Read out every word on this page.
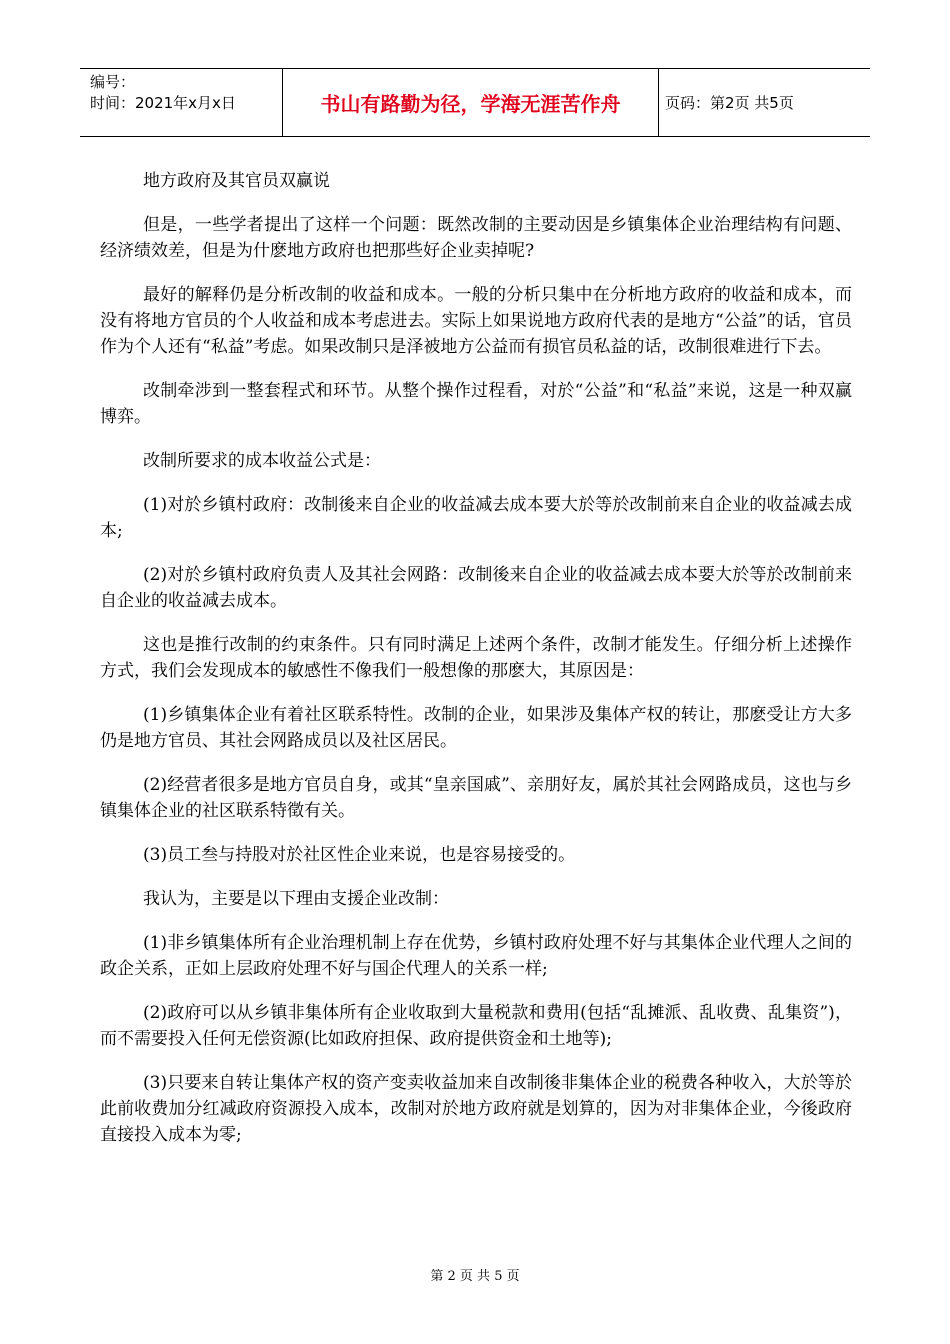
编号：
时间：2021年x月x日	书山有路勤为径，学海无涯苦作舟	页码：第2页 共5页

地方政府及其官员双赢说

但是，一些学者提出了这样一个问题：既然改制的主要动因是乡镇集体企业治理结构有问题、经济绩效差，但是为什麽地方政府也把那些好企业卖掉呢?

最好的解释仍是分析改制的收益和成本。一般的分析只集中在分析地方政府的收益和成本，而没有将地方官员的个人收益和成本考虑进去。实际上如果说地方政府代表的是地方“公益”的话，官员作为个人还有“私益”考虑。如果改制只是泽被地方公益而有损官员私益的话，改制很难进行下去。

改制牵涉到一整套程式和环节。从整个操作过程看，对於“公益”和“私益”来说，这是一种双赢博弈。

改制所要求的成本收益公式是：

(1)对於乡镇村政府：改制後来自企业的收益减去成本要大於等於改制前来自企业的收益减去成本;

(2)对於乡镇村政府负责人及其社会网路：改制後来自企业的收益减去成本要大於等於改制前来自企业的收益减去成本。

这也是推行改制的约束条件。只有同时满足上述两个条件，改制才能发生。仔细分析上述操作方式，我们会发现成本的敏感性不像我们一般想像的那麽大，其原因是：

(1)乡镇集体企业有着社区联系特性。改制的企业，如果涉及集体产权的转让，那麽受让方大多仍是地方官员、其社会网路成员以及社区居民。

(2)经营者很多是地方官员自身，或其“皇亲国戚”、亲朋好友，属於其社会网路成员，这也与乡镇集体企业的社区联系特徵有关。

(3)员工叁与持股对於社区性企业来说，也是容易接受的。

我认为，主要是以下理由支援企业改制：

(1)非乡镇集体所有企业治理机制上存在优势，乡镇村政府处理不好与其集体企业代理人之间的政企关系，正如上层政府处理不好与国企代理人的关系一样;

(2)政府可以从乡镇非集体所有企业收取到大量税款和费用(包括“乱摊派、乱收费、乱集资”)，而不需要投入任何无偿资源(比如政府担保、政府提供资金和土地等);

(3)只要来自转让集体产权的资产变卖收益加来自改制後非集体企业的税费各种收入，大於等於此前收费加分红减政府资源投入成本，改制对於地方政府就是划算的，因为对非集体企业，今後政府直接投入成本为零;

第 2 页 共 5 页
